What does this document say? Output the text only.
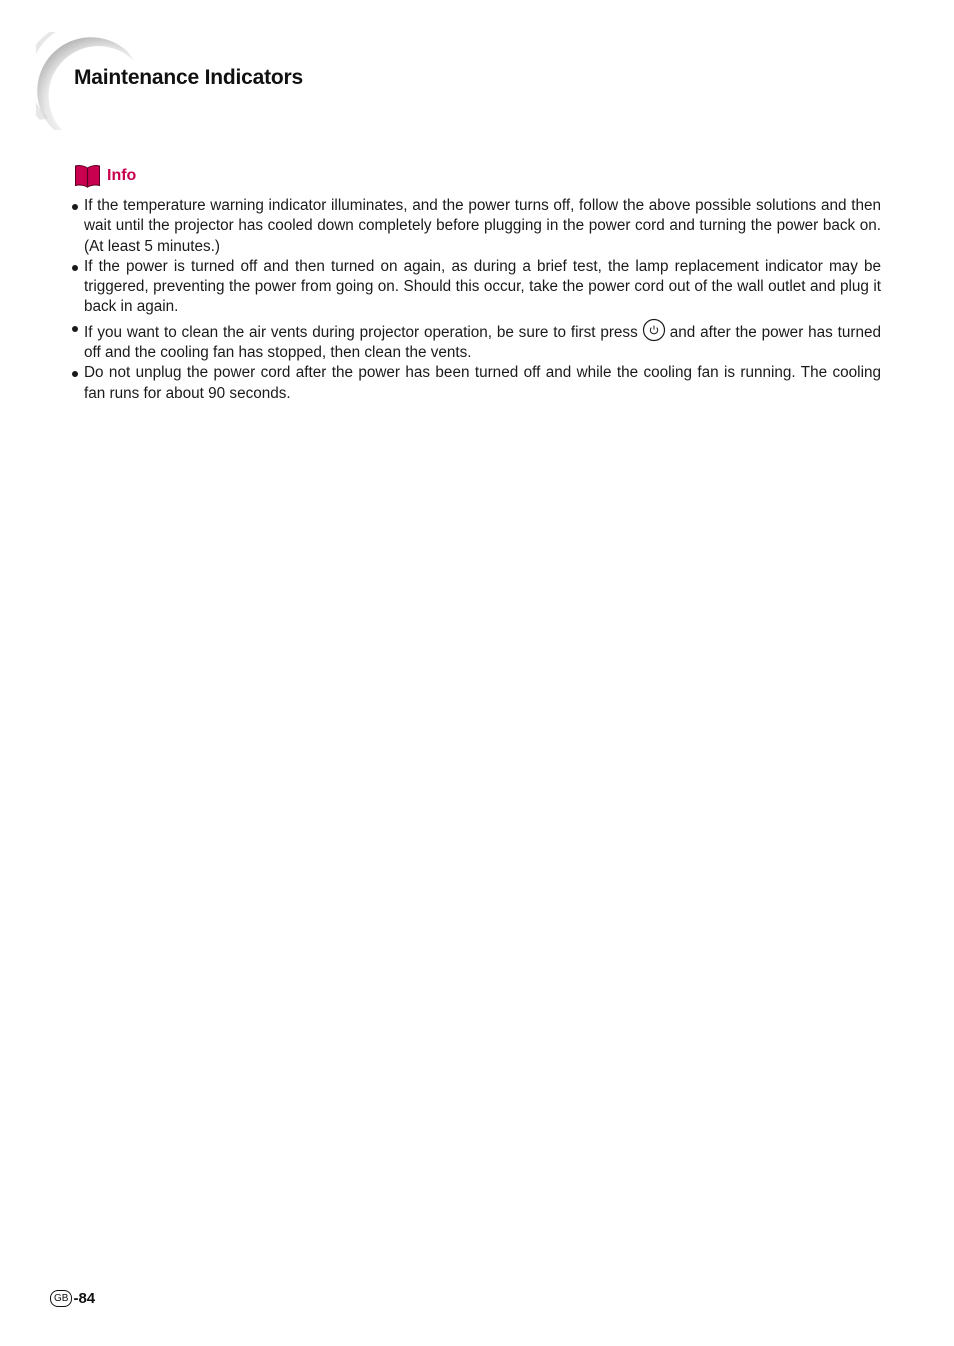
Maintenance Indicators
Info
If the temperature warning indicator illuminates, and the power turns off, follow the above possible solutions and then wait until the projector has cooled down completely before plugging in the power cord and turning the power back on. (At least 5 minutes.)
If the power is turned off and then turned on again, as during a brief test, the lamp replacement indicator may be triggered, preventing the power from going on. Should this occur, take the power cord out of the wall outlet and plug it back in again.
If you want to clean the air vents during projector operation, be sure to first press and after the power has turned off and the cooling fan has stopped, then clean the vents.
Do not unplug the power cord after the power has been turned off and while the cooling fan is running. The cooling fan runs for about 90 seconds.
GB -84
